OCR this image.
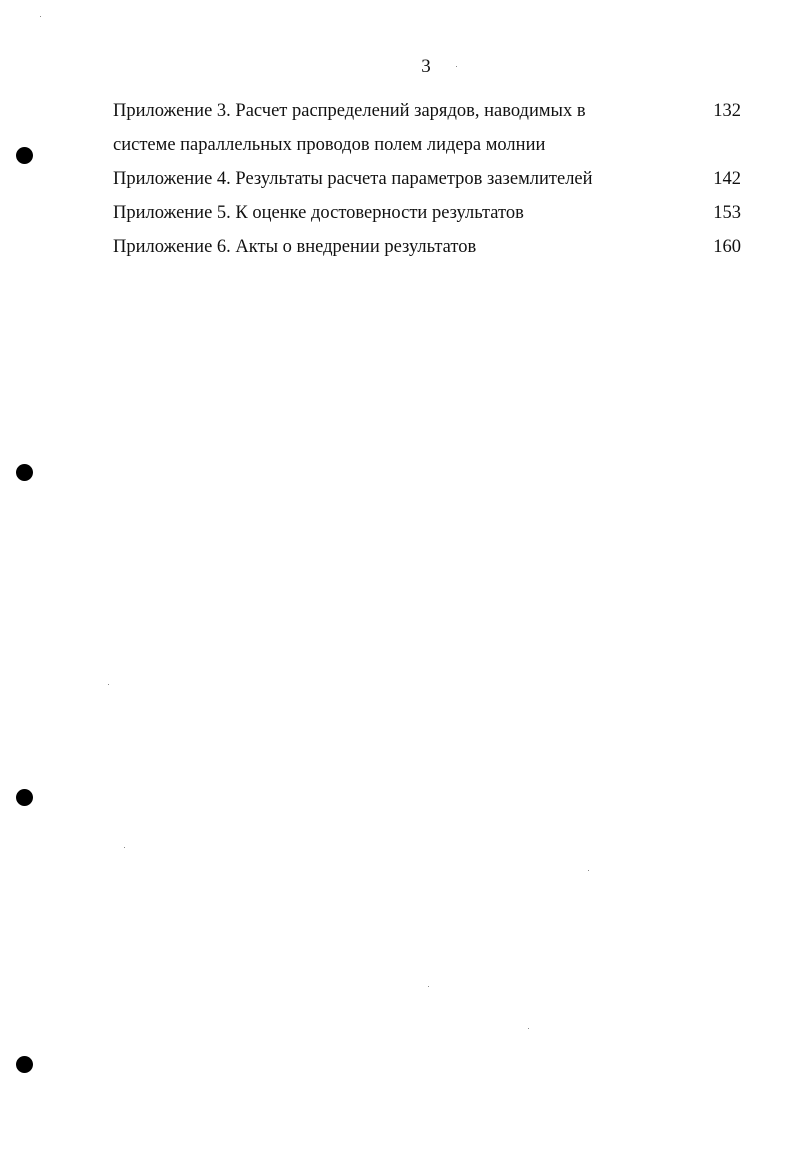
3
Приложение 3. Расчет распределений зарядов, наводимых в
системе параллельных проводов полем лидера молнии
132
Приложение 4. Результаты расчета параметров заземлителей	142
Приложение 5. К оценке достоверности результатов	153
Приложение 6. Акты о внедрении результатов	160
